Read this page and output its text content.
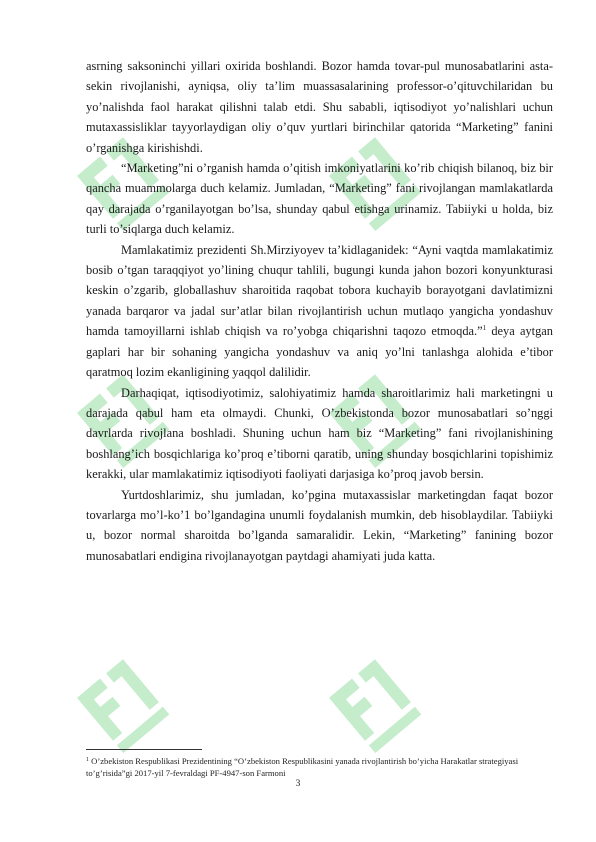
asrning saksoninchi yillari oxirida boshlandi. Bozor hamda tovar-pul munosabatlarini asta-sekin rivojlanishi, ayniqsa, oliy ta’lim muassasalarining professor-o’qituvchilaridan bu yo’nalishda faol harakat qilishni talab etdi. Shu sababli, iqtisodiyot yo’nalishlari uchun mutaxassisliklar tayyorlaydigan oliy o’quv yurtlari birinchilar qatorida “Marketing” fanini o’rganishga kirishishdi.

“Marketing”ni o’rganish hamda o’qitish imkoniyatlarini ko’rib chiqish bilanoq, biz bir qancha muammolarga duch kelamiz. Jumladan, “Marketing” fani rivojlangan mamlakatlarda qay darajada o’rganilayotgan bo’lsa, shunday qabul etishga urinamiz. Tabiiyki u holda, biz turli to’siqlarga duch kelamiz.

Mamlakatimiz prezidenti Sh.Mirziyoyev ta’kidlaganidek: “Ayni vaqtda mamlakatimiz bosib o’tgan taraqqiyot yo’lining chuqur tahlili, bugungi kunda jahon bozori konyunkturasi keskin o’zgarib, globallashuv sharoitida raqobat tobora kuchayib borayotgani davlatimizni yanada barqaror va jadal sur’atlar bilan rivojlantirish uchun mutlaqo yangicha yondashuv hamda tamoyillarni ishlab chiqish va ro’yobga chiqarishni taqozo etmoqda.”$^1$ deya aytgan gaplari har bir sohaning yangicha yondashuv va aniq yo’lni tanlashga alohida e’tibor qaratmoq lozim ekanligining yaqqol dalilidir.

Darhaqiqat, iqtisodiyotimiz, salohiyatimiz hamda sharoitlarimiz hali marketingni u darajada qabul ham eta olmaydi. Chunki, O’zbekistonda bozor munosabatlari so’nggi davrlarda rivojlana boshladi. Shuning uchun ham biz “Marketing” fani rivojlanishining boshlang’ich bosqichlariga ko’proq e’tiborni qaratib, uning shunday bosqichlarini topishimiz kerakki, ular mamlakatimiz iqtisodiyoti faoliyati darjasiga ko’proq javob bersin.

Yurtdoshlarimiz, shu jumladan, ko’pgina mutaxassislar marketingdan faqat bozor tovarlarga mo’l-ko’1 bo’lgandagina unumli foydalanish mumkin, deb hisoblaydilar. Tabiiyki u, bozor normal sharoitda bo’lganda samaralidir. Lekin, “Marketing” fanining bozor munosabatlari endigina rivojlanayotgan paytdagi ahamiyati juda katta.

$^1$ O’zbekiston Respublikasi Prezidentining “O’zbekiston Respublikasini yanada rivojlantirish bo’yicha Harakatlar strategiyasi to’g’risida”gi 2017-yil 7-fevraldagi PF-4947-son Farmoni
3
